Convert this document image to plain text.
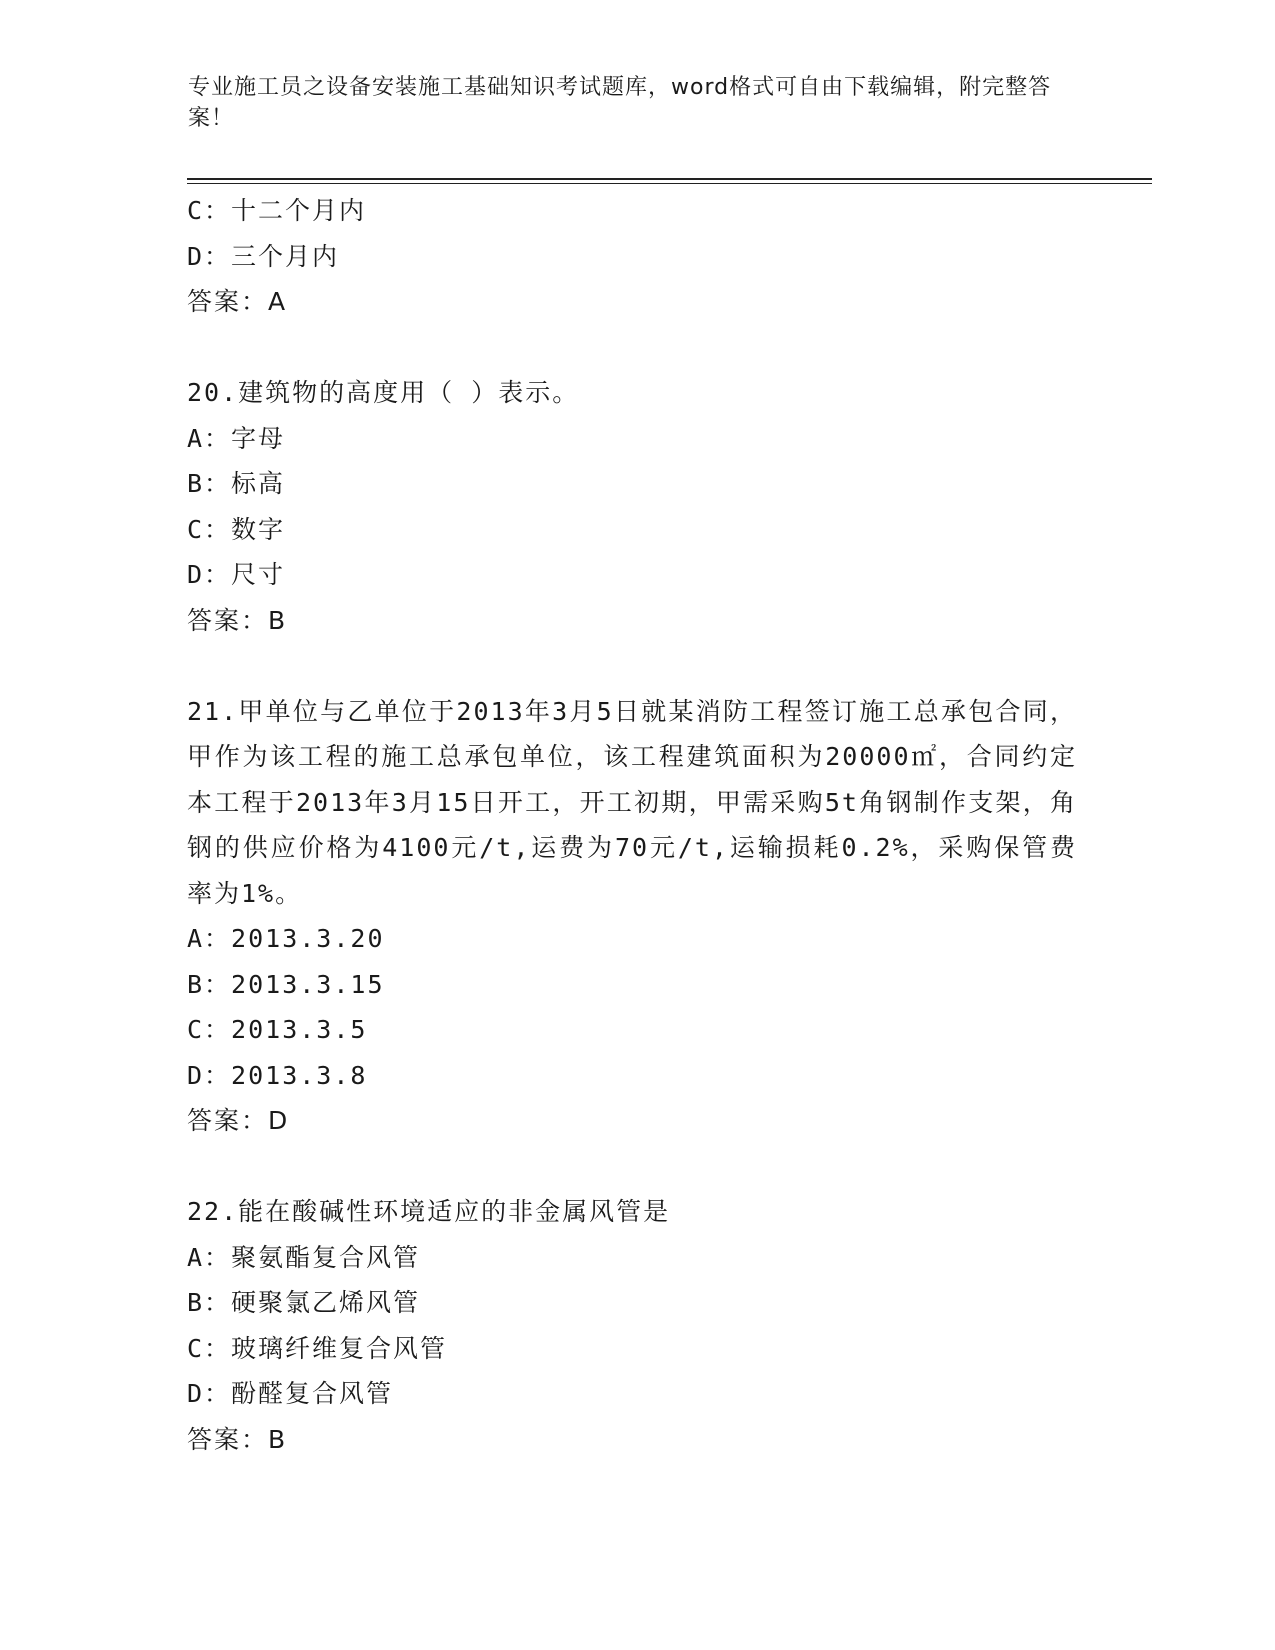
专业施工员之设备安装施工基础知识考试题库，word格式可自由下载编辑，附完整答案！
C：十二个月内
D：三个月内
答案：A
20.建筑物的高度用（ ）表示。
A：字母
B：标高
C：数字
D：尺寸
答案：B
21.甲单位与乙单位于2013年3月5日就某消防工程签订施工总承包合同，甲作为该工程的施工总承包单位，该工程建筑面积为20000㎡，合同约定本工程于2013年3月15日开工，开工初期，甲需采购5t角钢制作支架，角钢的供应价格为4100元/t,运费为70元/t,运输损耗0.2%，采购保管费率为1%。
A：2013.3.20
B：2013.3.15
C：2013.3.5
D：2013.3.8
答案：D
22.能在酸碱性环境适应的非金属风管是
A：聚氨酯复合风管
B：硬聚氯乙烯风管
C：玻璃纤维复合风管
D：酚醛复合风管
答案：B
